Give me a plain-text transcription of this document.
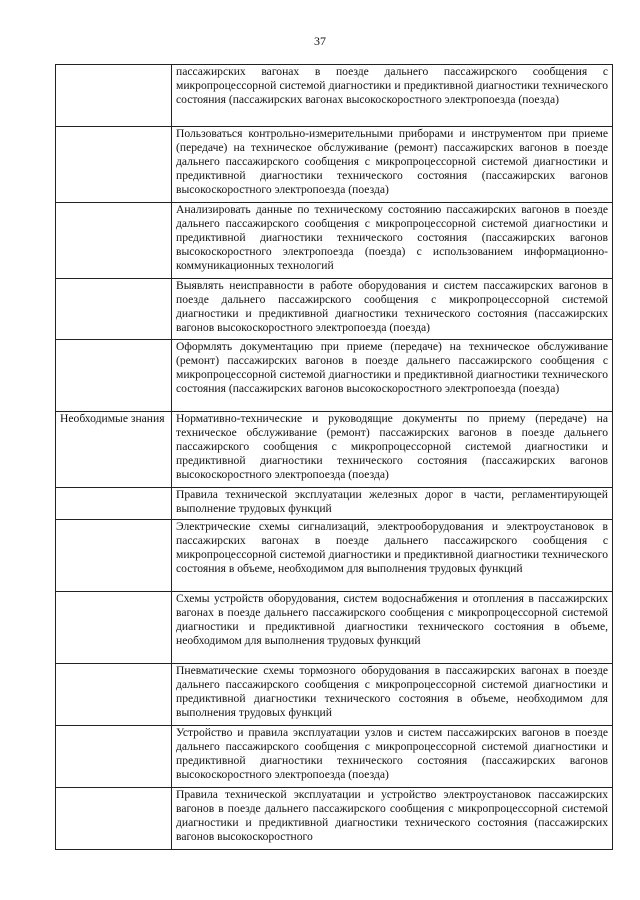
37
	пассажирских вагонах в поезде дальнего пассажирского сообщения с микропроцессорной системой диагностики и предиктивной диагностики технического состояния (пассажирских вагонах высокоскоростного электропоезда (поезда)
	Пользоваться контрольно-измерительными приборами и инструментом при приеме (передаче) на техническое обслуживание (ремонт) пассажирских вагонов в поезде дальнего пассажирского сообщения с микропроцессорной системой диагностики и предиктивной диагностики технического состояния (пассажирских вагонов высокоскоростного электропоезда (поезда)
	Анализировать данные по техническому состоянию пассажирских вагонов в поезде дальнего пассажирского сообщения с микропроцессорной системой диагностики и предиктивной диагностики технического состояния (пассажирских вагонов высокоскоростного электропоезда (поезда) с использованием информационно-коммуникационных технологий
	Выявлять неисправности в работе оборудования и систем пассажирских вагонов в поезде дальнего пассажирского сообщения с микропроцессорной системой диагностики и предиктивной диагностики технического состояния (пассажирских вагонов высокоскоростного электропоезда (поезда)
	Оформлять документацию при приеме (передаче) на техническое обслуживание (ремонт) пассажирских вагонов в поезде дальнего пассажирского сообщения с микропроцессорной системой диагностики и предиктивной диагностики технического состояния (пассажирских вагонов высокоскоростного электропоезда (поезда)
Необходимые знания	Нормативно-технические и руководящие документы по приему (передаче) на техническое обслуживание (ремонт) пассажирских вагонов в поезде дальнего пассажирского сообщения с микропроцессорной системой диагностики и предиктивной диагностики технического состояния (пассажирских вагонов высокоскоростного электропоезда (поезда)
	Правила технической эксплуатации железных дорог в части, регламентирующей выполнение трудовых функций
	Электрические схемы сигнализаций, электрооборудования и электроустановок в пассажирских вагонах в поезде дальнего пассажирского сообщения с микропроцессорной системой диагностики и предиктивной диагностики технического состояния в объеме, необходимом для выполнения трудовых функций
	Схемы устройств оборудования, систем водоснабжения и отопления в пассажирских вагонах в поезде дальнего пассажирского сообщения с микропроцессорной системой диагностики и предиктивной диагностики технического состояния в объеме, необходимом для выполнения трудовых функций
	Пневматические схемы тормозного оборудования в пассажирских вагонах в поезде дальнего пассажирского сообщения с микропроцессорной системой диагностики и предиктивной диагностики технического состояния в объеме, необходимом для выполнения трудовых функций
	Устройство и правила эксплуатации узлов и систем пассажирских вагонов в поезде дальнего пассажирского сообщения с микропроцессорной системой диагностики и предиктивной диагностики технического состояния (пассажирских вагонов высокоскоростного электропоезда (поезда)
	Правила технической эксплуатации и устройство электроустановок пассажирских вагонов в поезде дальнего пассажирского сообщения с микропроцессорной системой диагностики и предиктивной диагностики технического состояния (пассажирских вагонов высокоскоростного
